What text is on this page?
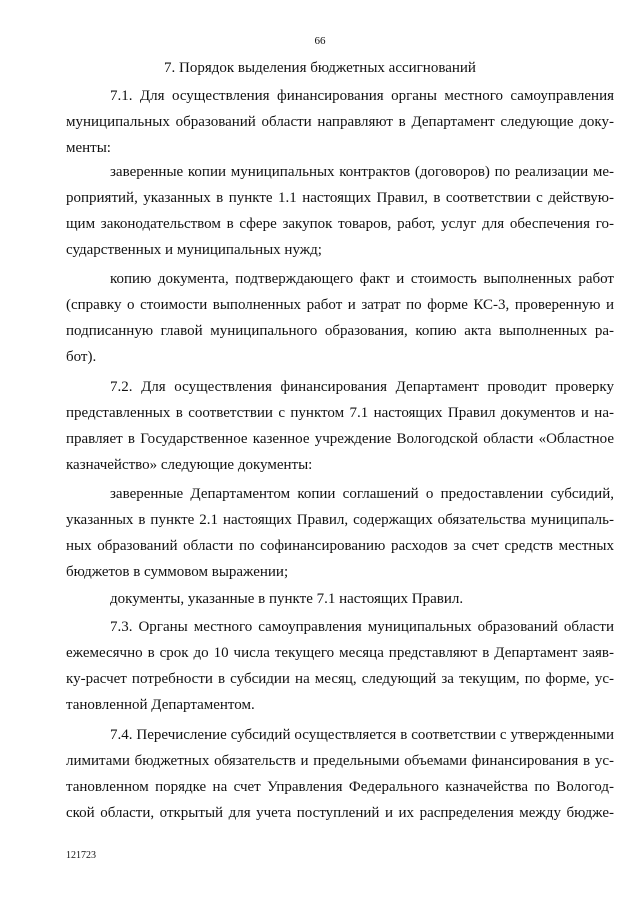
66
7. Порядок выделения бюджетных ассигнований
7.1. Для осуществления финансирования органы местного самоуправления
муниципальных образований области направляют в Департамент следующие доку-
менты:
заверенные копии муниципальных контрактов (договоров) по реализации ме-
роприятий, указанных в пункте 1.1 настоящих Правил, в соответствии с действую-
щим законодательством в сфере закупок товаров, работ, услуг для обеспечения го-
сударственных и муниципальных нужд;
копию документа, подтверждающего факт и стоимость выполненных работ
(справку о стоимости выполненных работ и затрат по форме КС-3, проверенную и
подписанную главой муниципального образования, копию акта выполненных ра-
бот).
7.2. Для осуществления финансирования Департамент проводит проверку
представленных в соответствии с пунктом 7.1 настоящих Правил документов и на-
правляет в Государственное казенное учреждение Вологодской области «Областное
казначейство» следующие документы:
заверенные Департаментом копии соглашений о предоставлении субсидий,
указанных в пункте 2.1 настоящих Правил, содержащих обязательства муниципаль-
ных образований области по софинансированию расходов за счет средств местных
бюджетов в суммовом выражении;
документы, указанные в пункте 7.1 настоящих Правил.
7.3. Органы местного самоуправления муниципальных образований области
ежемесячно в срок до 10 числа текущего месяца представляют в Департамент заяв-
ку-расчет потребности в субсидии на месяц, следующий за текущим, по форме, ус-
тановленной Департаментом.
7.4. Перечисление субсидий осуществляется в соответствии с утвержденными
лимитами бюджетных обязательств и предельными объемами финансирования в ус-
тановленном порядке на счет Управления Федерального казначейства по Вологод-
ской области, открытый для учета поступлений и их распределения между бюдже-
121723
